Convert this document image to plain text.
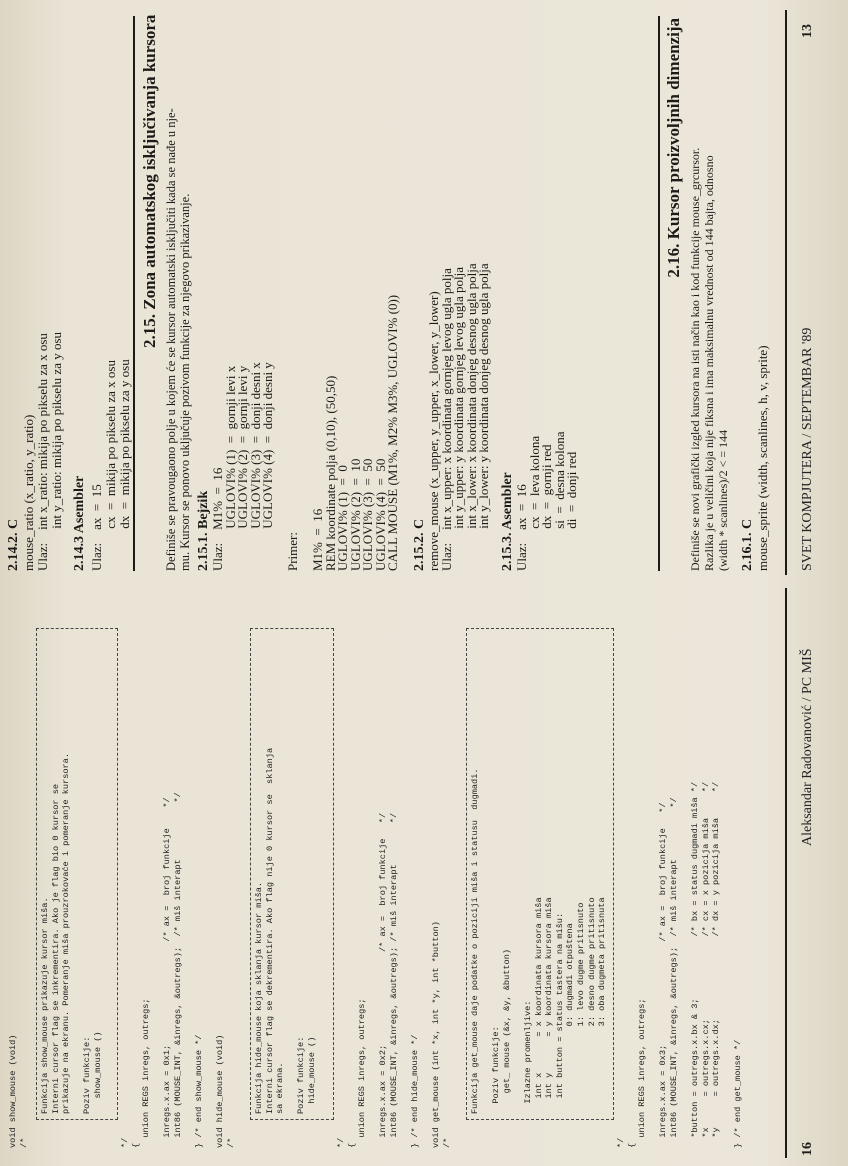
void show_mouse (void) /*
Funkcija show_mouse prikazuje kursor miša. Interni cursor flag se inkrementira. Ako je flag bio 0 kursor se prikazuje na ekranu. Pomeranje miša prouzrokovaće i pomeranje kursora.
Poziv funkcije: show_mouse ()
*/ { union REGS inregs, outregs;
inregs.x.ax = 0x1;                    /* ax =  broj funkcije    */ int86 (MOUSE_INT, &inregs, &outregs);  /* miš interapt           */
} /* end show_mouse */
void hide_mouse (void) /*
Funkcija hide_mouse koja sklanja kursor miša. Interni cursor flag se dekrementira. Ako flag nije 0 kursor se  sklanja sa ekrana.
Poziv funkcije: hide_mouse ()
*/ { union REGS inregs, outregs;
inregs.x.ax = 0x2;                  /* ax =  broj funkcije   */ int86 (MOUSE_INT, &inregs, &outregs); /* miš interapt        */
} /* end hide_mouse */
void get_mouse (int *x, int *y, int *button) /*
Funkcija get_mouse daje podatke o poziciji miša i statusu  dugmadi.
Poziv funkcije: get_ mouse (&x, &y, &button)
Izlazne promenljive: int x       = x koordinata kursora miša int y       = y koordinata kursora miša int button = status tastera na mišu: 0: dugmadi otpuštena 1: levo dugme pritisnuto 2: desno dugme pritisnuto 3: oba dugmeta pritisnuta
*/ { union REGS inregs, outregs;
inregs.x.ax = 0x3;                    /* ax =  broj funkcije   */ int86 (MOUSE_INT, &inregs, &outregs);  /* miš interapt          */
*button = outregs.x.bx & 3;            /* bx = status dugmadi miša */ *x      = outregs.x.cx;                /* cx = x pozicija miša     */ *y      = outregs.x.dx;                /* dx = y pozicija miša     */
} /* end get_mouse */
16
Aleksandar Radovanović / PC MIŠ
2.14.2. C mouse_ratio (x_ratio, y_ratio) Ulaz:    int x_ratio: mikija po pikselu za x osu int y_ratio: mikija po pikselu za y osu 2.14.3 Asembler Ulaz:    ax  =  15 cx  =  mikija po pikselu za x osu dx  =  mikija po pikselu za y osu
2.15. Zona automatskog isključivanja kursora Definiše se pravougaono polje u kojem će se kursor automatski isključiti kada se nađe u nje- mu. Kursor se ponovo uključuje pozivom funkcije za njegovo prikazivanje. 2.15.1. Bejzik Ulaz:    M1%  =  16
UGLOVI% (1)  =  gornji levi x
UGLOVI% (2)  =  gornji levi y
UGLOVI% (3)  =  donji desni x
UGLOVI% (4)  =  donji desni y
Primer:
M1%  =  16
REM koordinate polja (0,10), (50,50)
UGLOVI% (1)  =  0
UGLOVI% (2)  =  10
UGLOVI% (3)  =  50
UGLOVI% (4)  =  50
CALL MOUSE (M1%, M2% M3%, UGLOVI% (0)) 2.15.2. C remove_mouse (x_upper, y_upper, x_lower, y_lower)
Ulaz:    int x_upper: x koordinata gornjeg levog ugla polja
int y_upper: y koordinata gornjeg levog ugla polja
int x_lower: x koordinata donjeg desnog ugla polja
int y_lower: y koordinata donjeg desnog ugla polja 2.15.3. Asembler Ulaz:    ax  =  16
cx  =  leva kolona
dx  =  gornji red
si  =  desna kolona
di  =  donji red
2.16. Kursor proizvoljnih dimenzija Definiše se novi grafički izgled kursora na isti način kao i kod funkcije mouse_grcursor. Razlika je u veličini koja nije fiksna i ima maksimalnu vrednost od 144 bajta, odnosno (width * scanlines)/2 < = 144 2.16.1. C mouse_sprite (width, scanlines, h, v, sprite) SVET KOMPJUTERA / SEPTEMBAR '89
13
